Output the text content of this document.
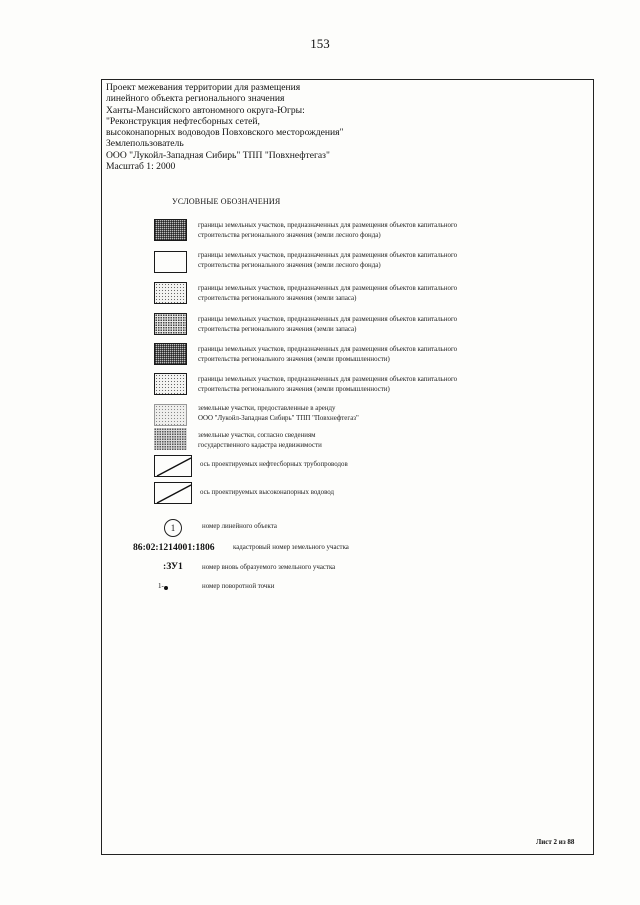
153
Проект межевания территории для размещения
линейного объекта регионального значения
Ханты-Мансийского автономного округа-Югры:
"Реконструкция нефтесборных сетей,
высоконапорных водоводов Повховского месторождения"
Землепользователь
ООО "Лукойл-Западная Сибирь" ТПП "Повхнефтегаз"
Масштаб 1: 2000
УСЛОВНЫЕ ОБОЗНАЧЕНИЯ
границы земельных участков, предназначенных для размещения объектов капитального
строительства регионального значения (земли лесного фонда)
границы земельных участков, предназначенных для размещения объектов капитального
строительства регионального значения (земли лесного фонда)
границы земельных участков, предназначенных для размещения объектов капитального
строительства регионального значения (земли запаса)
границы земельных участков, предназначенных для размещения объектов капитального
строительства регионального значения (земли запаса)
границы земельных участков, предназначенных для размещения объектов капитального
строительства регионального значения (земли промышленности)
границы земельных участков, предназначенных для размещения объектов капитального
строительства регионального значения (земли промышленности)
земельные участки, предоставленные в аренду
ООО "Лукойл-Западная Сибирь" ТПП "Повхнефтегаз"
земельные участки, согласно сведениям
государственного кадастра недвижимости
ось проектируемых нефтесборных трубопроводов
ось проектируемых высоконапорных водовод
1	номер линейного объекта
86:02:1214001:1806	кадастровый номер земельного участка
:ЗУ1	номер вновь образуемого земельного участка
1-	номер поворотной точки
Лист 2 из 88
